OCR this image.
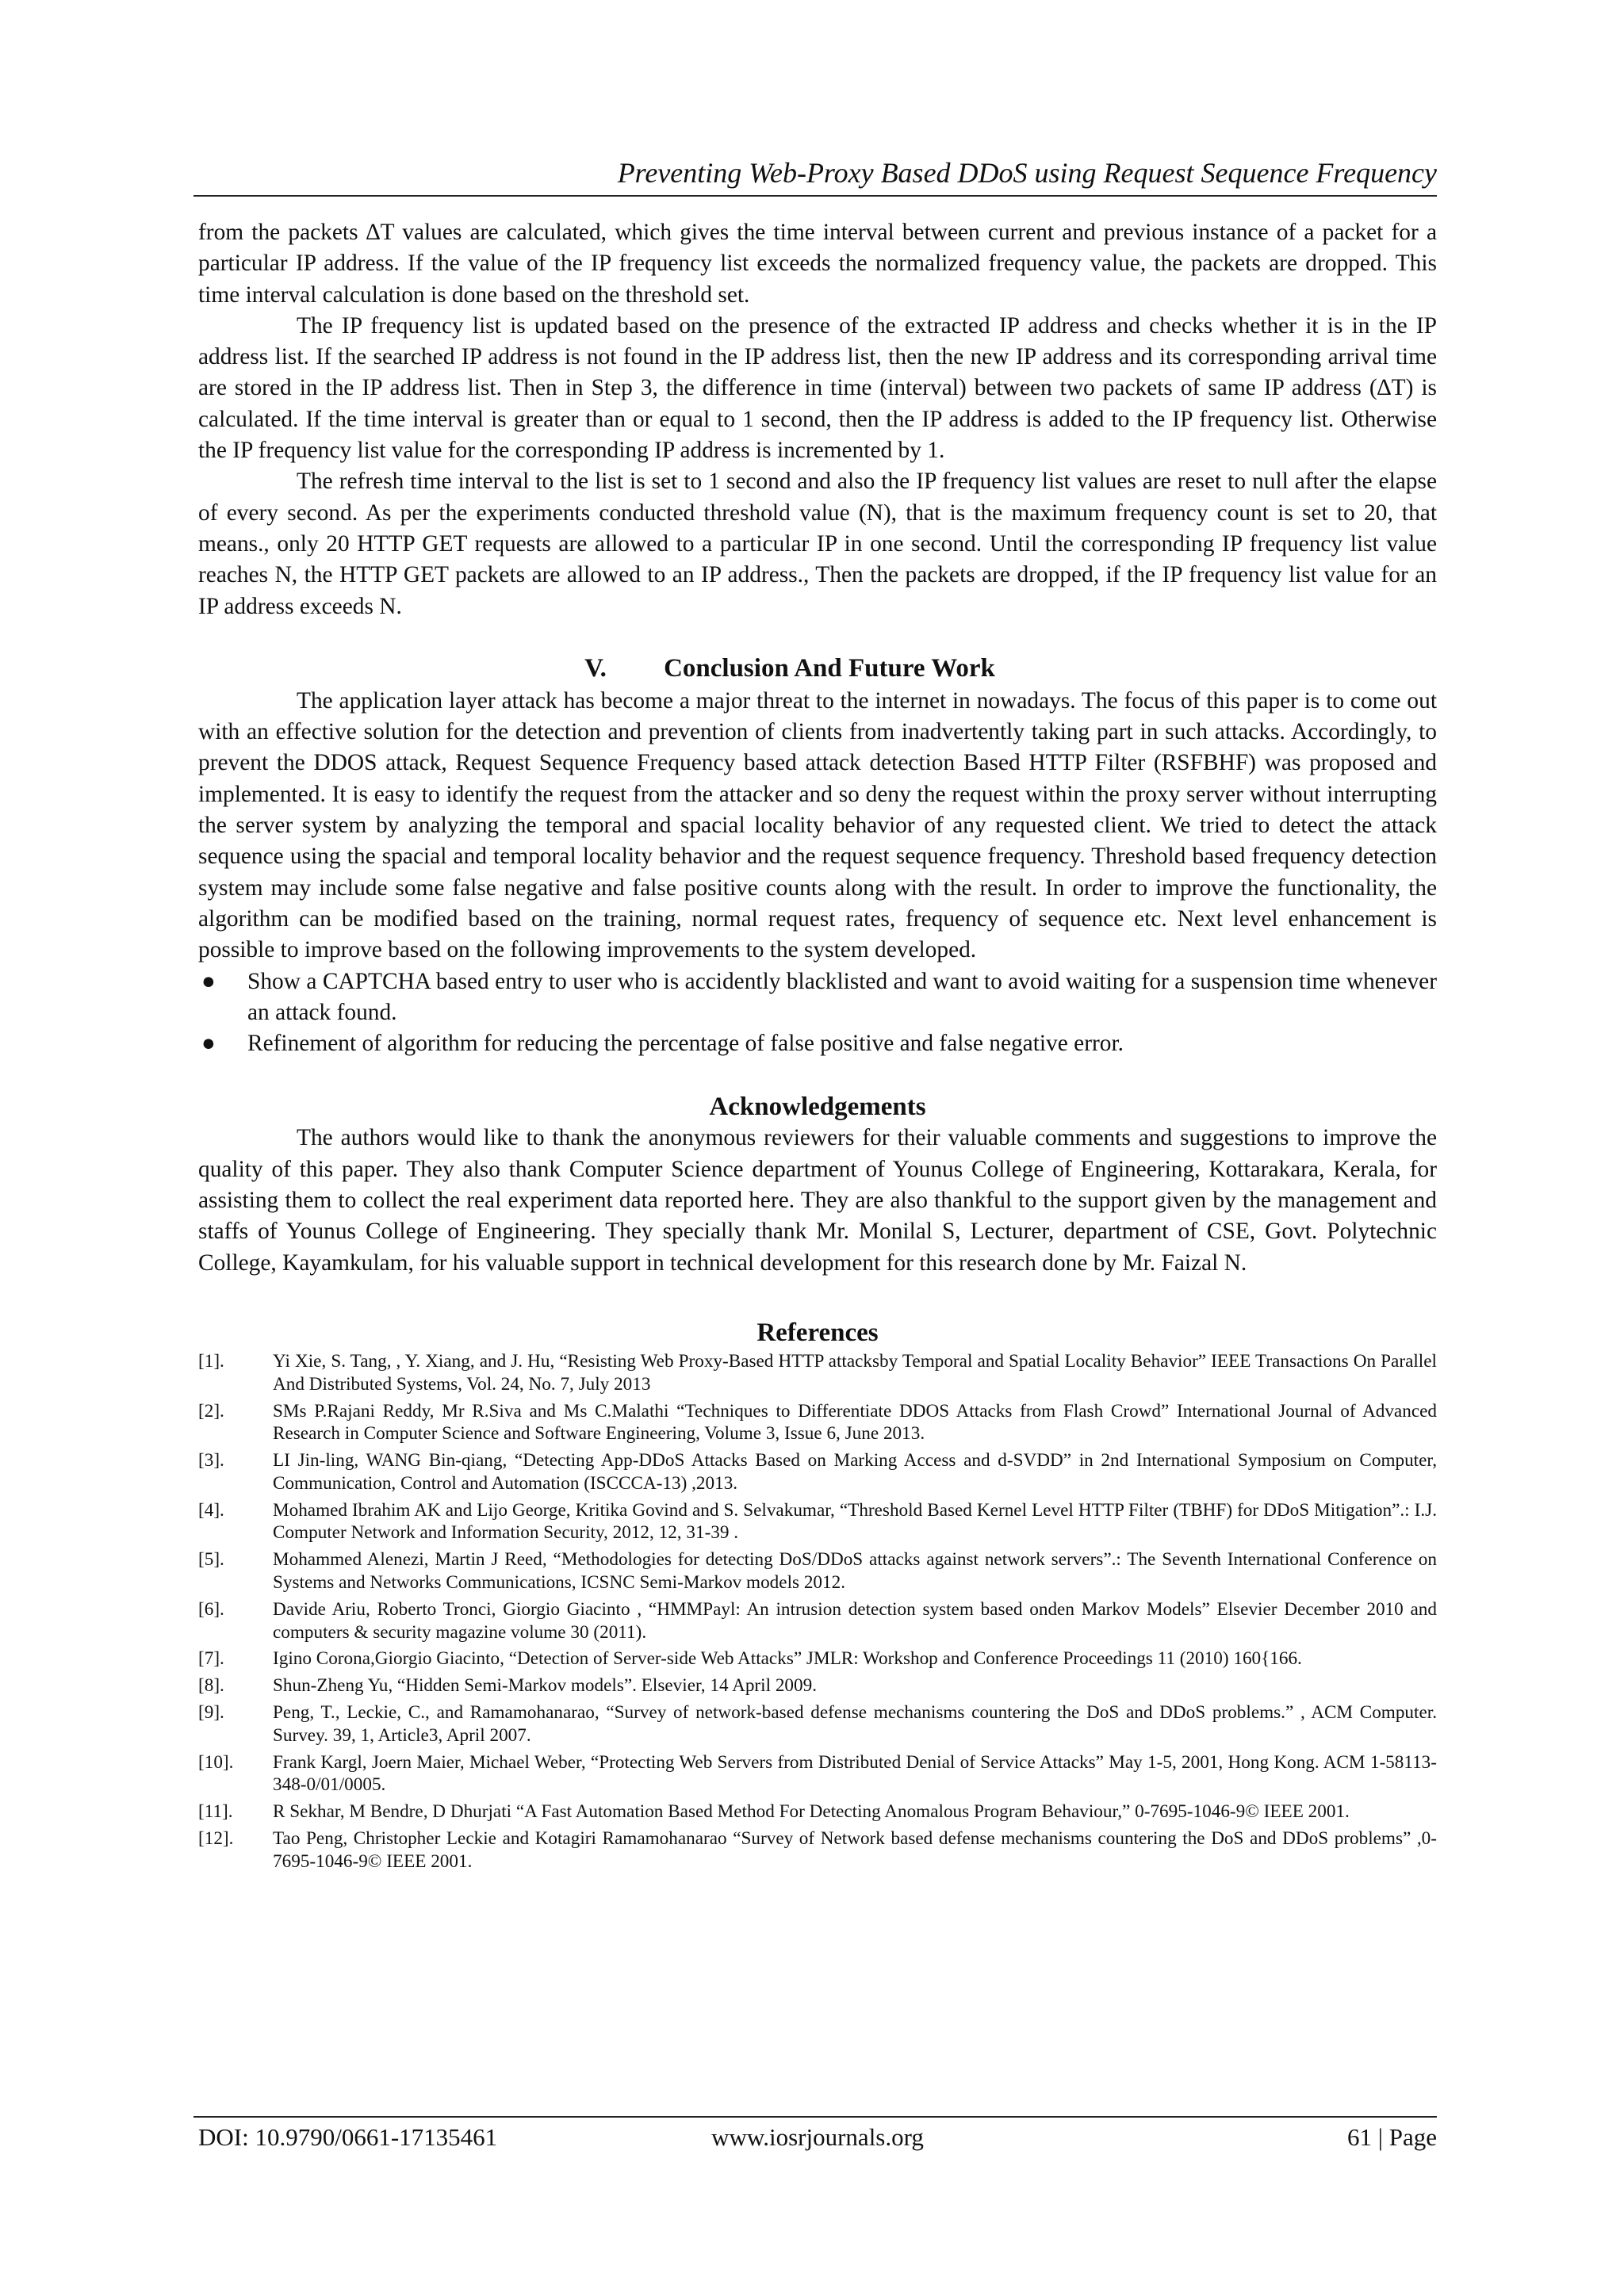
Preventing Web-Proxy Based DDoS using Request Sequence Frequency

from the packets ∆T values are calculated, which gives the time interval between current and previous instance of a packet for a particular IP address. If the value of the IP frequency list exceeds the normalized frequency value, the packets are dropped. This time interval calculation is done based on the threshold set.

The IP frequency list is updated based on the presence of the extracted IP address and checks whether it is in the IP address list. If the searched IP address is not found in the IP address list, then the new IP address and its corresponding arrival time are stored in the IP address list. Then in Step 3, the difference in time (interval) between two packets of same IP address (∆T) is calculated. If the time interval is greater than or equal to 1 second, then the IP address is added to the IP frequency list. Otherwise the IP frequency list value for the corresponding IP address is incremented by 1.

The refresh time interval to the list is set to 1 second and also the IP frequency list values are reset to null after the elapse of every second. As per the experiments conducted threshold value (N), that is the maximum frequency count is set to 20, that means., only 20 HTTP GET requests are allowed to a particular IP in one second. Until the corresponding IP frequency list value reaches N, the HTTP GET packets are allowed to an IP address., Then the packets are dropped, if the IP frequency list value for an IP address exceeds N.

V. Conclusion And Future Work

The application layer attack has become a major threat to the internet in nowadays. The focus of this paper is to come out with an effective solution for the detection and prevention of clients from inadvertently taking part in such attacks. Accordingly, to prevent the DDOS attack, Request Sequence Frequency based attack detection Based HTTP Filter (RSFBHF) was proposed and implemented. It is easy to identify the request from the attacker and so deny the request within the proxy server without interrupting the server system by analyzing the temporal and spacial locality behavior of any requested client. We tried to detect the attack sequence using the spacial and temporal locality behavior and the request sequence frequency. Threshold based frequency detection system may include some false negative and false positive counts along with the result. In order to improve the functionality, the algorithm can be modified based on the training, normal request rates, frequency of sequence etc. Next level enhancement is possible to improve based on the following improvements to the system developed.

● Show a CAPTCHA based entry to user who is accidently blacklisted and want to avoid waiting for a suspension time whenever an attack found.
● Refinement of algorithm for reducing the percentage of false positive and false negative error.
Acknowledgements

The authors would like to thank the anonymous reviewers for their valuable comments and suggestions to improve the quality of this paper. They also thank Computer Science department of Younus College of Engineering, Kottarakara, Kerala, for assisting them to collect the real experiment data reported here. They are also thankful to the support given by the management and staffs of Younus College of Engineering. They specially thank Mr. Monilal S, Lecturer, department of CSE, Govt. Polytechnic College, Kayamkulam, for his valuable support in technical development for this research done by Mr. Faizal N.

References
[1].	Yi Xie, S. Tang, , Y. Xiang, and J. Hu, “Resisting Web Proxy-Based HTTP attacksby Temporal and Spatial Locality Behavior” IEEE Transactions On Parallel And Distributed Systems, Vol. 24, No. 7, July 2013
[2].	SMs P.Rajani Reddy, Mr R.Siva and Ms C.Malathi “Techniques to Differentiate DDOS Attacks from Flash Crowd” International Journal of Advanced Research in Computer Science and Software Engineering, Volume 3, Issue 6, June 2013.
[3].	LI Jin-ling, WANG Bin-qiang, “Detecting App-DDoS Attacks Based on Marking Access and d-SVDD” in 2nd International Symposium on Computer, Communication, Control and Automation (ISCCCA-13) ,2013.
[4].	Mohamed Ibrahim AK and Lijo George, Kritika Govind and S. Selvakumar, “Threshold Based Kernel Level HTTP Filter (TBHF) for DDoS Mitigation”.: I.J. Computer Network and Information Security, 2012, 12, 31-39 .
[5].	Mohammed Alenezi, Martin J Reed, “Methodologies for detecting DoS/DDoS attacks against network servers”.: The Seventh International Conference on Systems and Networks Communications, ICSNC Semi-Markov models 2012.
[6].	Davide Ariu, Roberto Tronci, Giorgio Giacinto , “HMMPayl: An intrusion detection system based onden Markov Models” Elsevier December 2010 and computers & security magazine volume 30 (2011).
[7].	Igino Corona,Giorgio Giacinto, “Detection of Server-side Web Attacks” JMLR: Workshop and Conference Proceedings 11 (2010) 160{166.
[8].	Shun-Zheng Yu, “Hidden Semi-Markov models”. Elsevier, 14 April 2009.
[9].	Peng, T., Leckie, C., and Ramamohanarao, “Survey of network-based defense mechanisms countering the DoS and DDoS problems.” , ACM Computer. Survey. 39, 1, Article3, April 2007.
[10]. Frank Kargl, Joern Maier, Michael Weber, “Protecting Web Servers from Distributed Denial of Service Attacks” May 1-5, 2001, Hong Kong. ACM 1-58113-348-0/01/0005.
[11]. R Sekhar, M Bendre, D Dhurjati “A Fast Automation Based Method For Detecting Anomalous Program Behaviour,” 0-7695-1046-9© IEEE 2001.
[12]. Tao Peng, Christopher Leckie and Kotagiri Ramamohanarao “Survey of Network based defense mechanisms countering the DoS and DDoS problems” ,0-7695-1046-9© IEEE 2001.
DOI: 10.9790/0661-17135461	www.iosrjournals.org	61 | Page
